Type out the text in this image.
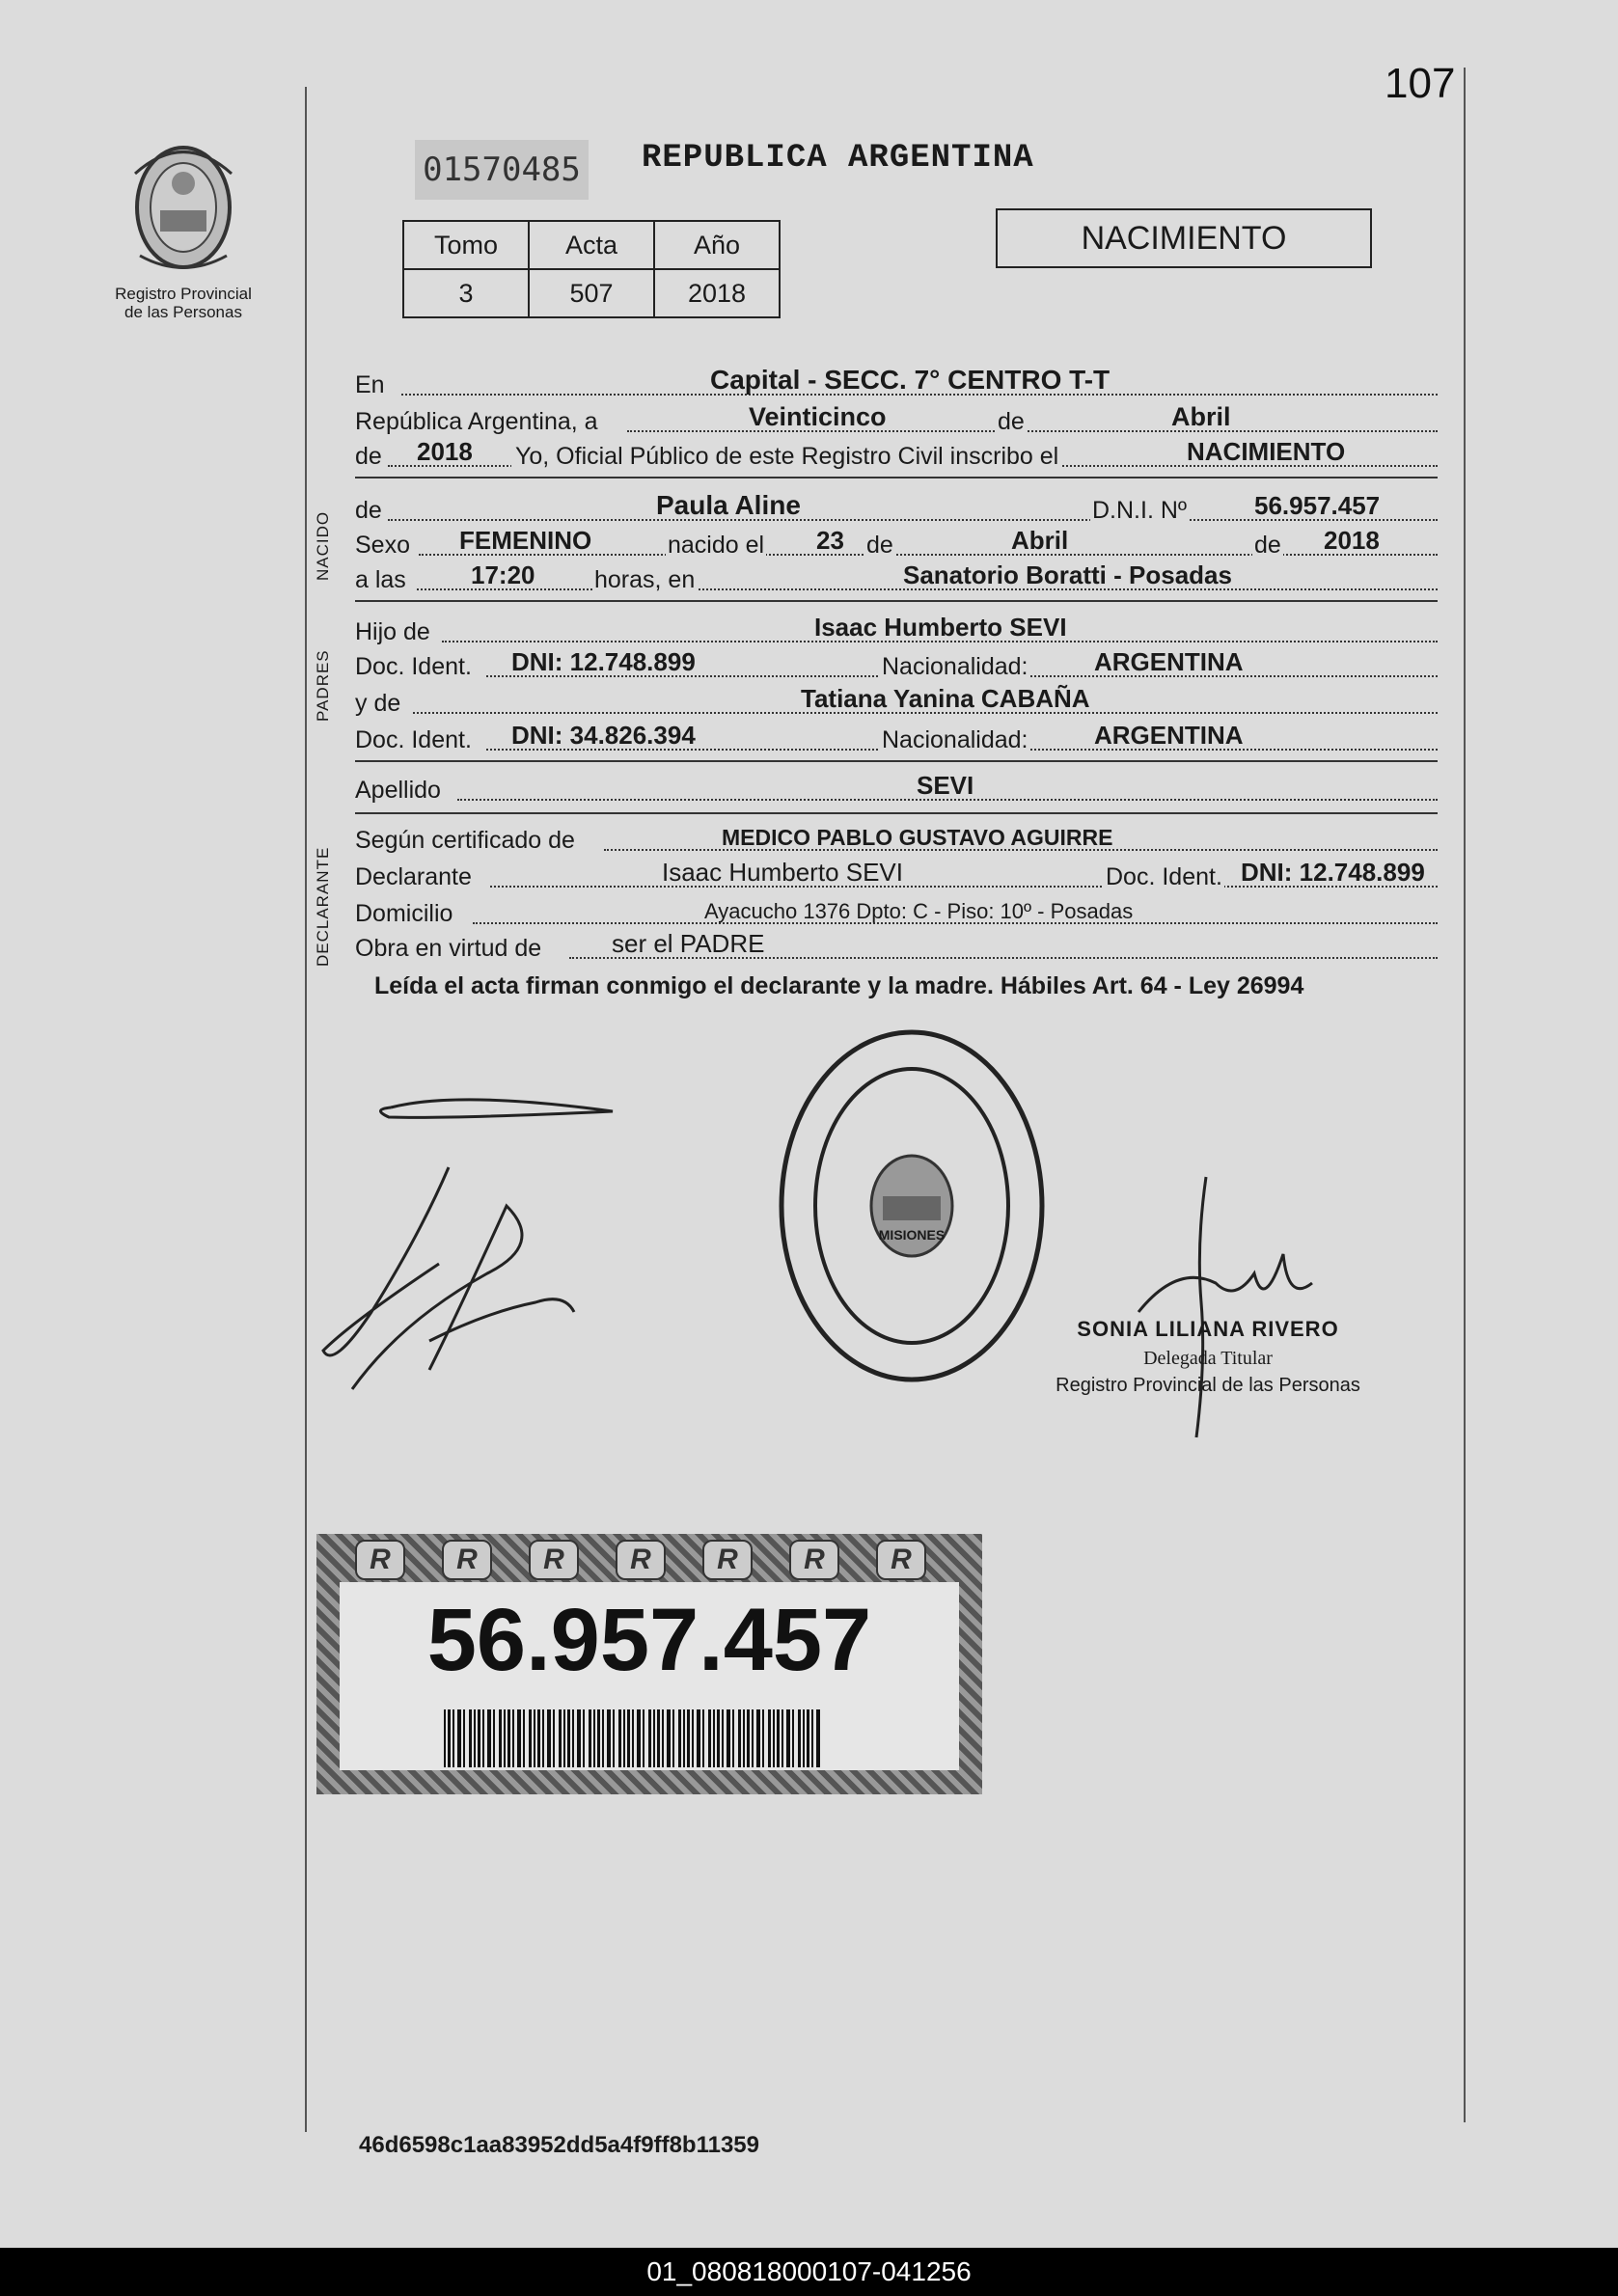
107
Registro Provincial
de las Personas
01570485 REPUBLICA ARGENTINA
Tomo	Acta	Año
3	507	2018
NACIMIENTO
En	Capital - SECC. 7° CENTRO T-T
República Argentina, a	Veinticinco	de	Abril
de 2018 Yo, Oficial Público de este Registro Civil inscribo el	NACIMIENTO
NACIDO
de	Paula Aline	D.N.I. Nº	56.957.457
Sexo FEMENINO	nacido el 23 de	Abril	de 2018
a las	17:20 horas, en	Sanatorio Boratti - Posadas
PADRES
Hijo de	Isaac Humberto SEVI
Doc. Ident. DNI: 12.748.899	Nacionalidad:	ARGENTINA
y de	Tatiana Yanina CABAÑA
Doc. Ident. DNI: 34.826.394	Nacionalidad:	ARGENTINA
Apellido	SEVI
DECLARANTE
Según certificado de	MEDICO PABLO GUSTAVO AGUIRRE
Declarante	Isaac Humberto SEVI	Doc. Ident. DNI: 12.748.899
Domicilio	Ayacucho 1376 Dpto: C - Piso: 10º - Posadas
Obra en virtud de	ser el PADRE
Leída el acta firman conmigo el declarante y la madre. Hábiles Art. 64 - Ley 26994
MISIONES
SONIA LILIANA RIVERO
Delegada Titular
Registro Provincial de las Personas
R	R	R	R	R	R	R
56.957.457
46d6598c1aa83952dd5a4f9ff8b11359
01_080818000107-041256
